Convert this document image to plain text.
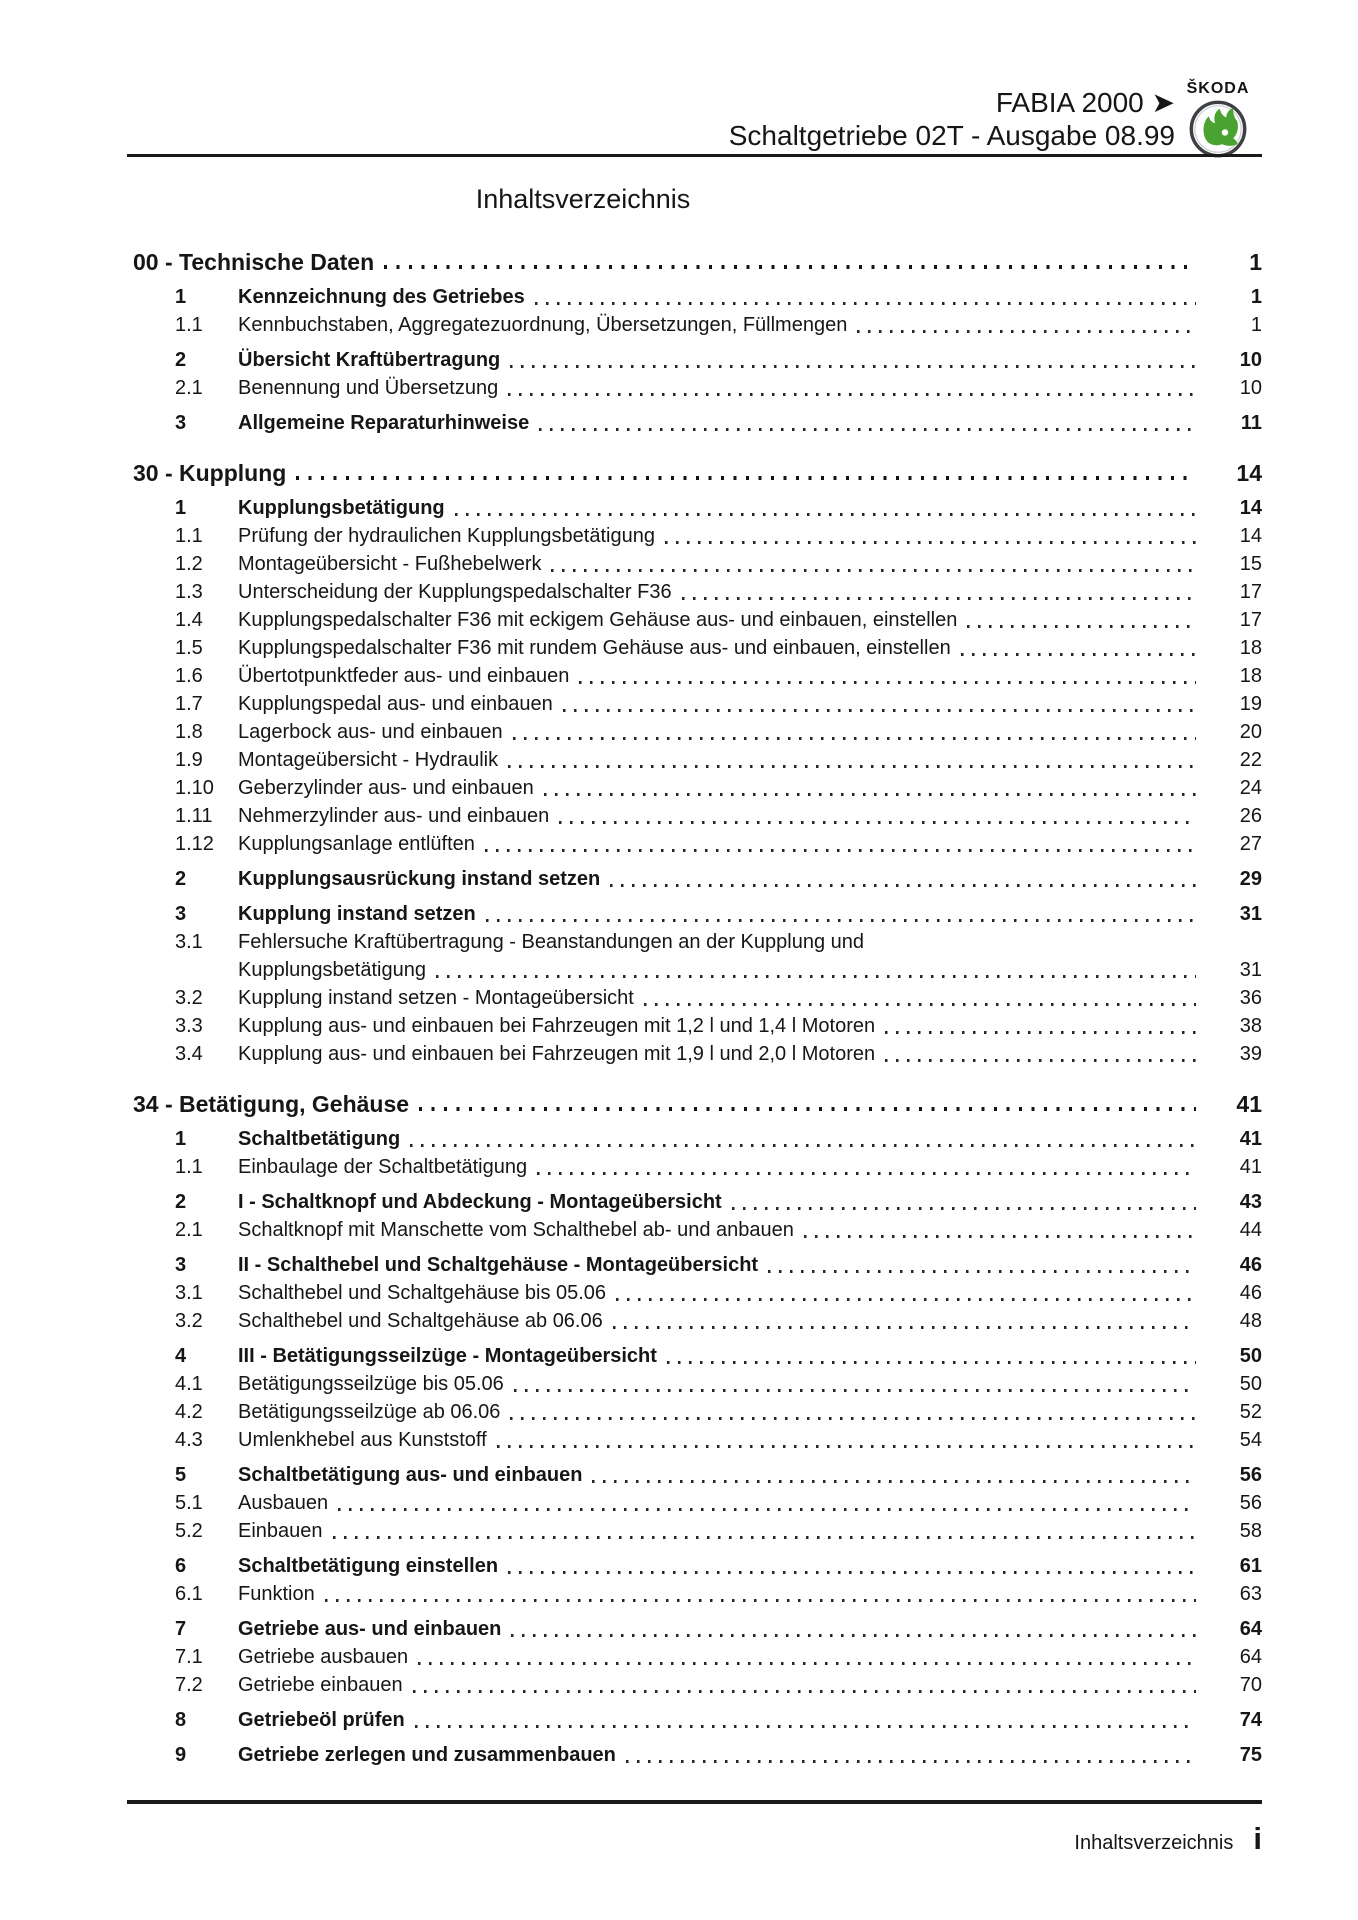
FABIA 2000 ➤
Schaltgetriebe 02T - Ausgabe 08.99
ŠKODA
Inhaltsverzeichnis
00 - Technische Daten	1
1	Kennzeichnung des Getriebes	1
1.1	Kennbuchstaben, Aggregatezuordnung, Übersetzungen, Füllmengen	1
2	Übersicht Kraftübertragung	10
2.1	Benennung und Übersetzung	10
3	Allgemeine Reparaturhinweise	11
30 - Kupplung	14
1	Kupplungsbetätigung	14
1.1	Prüfung der hydraulichen Kupplungsbetätigung	14
1.2	Montageübersicht - Fußhebelwerk	15
1.3	Unterscheidung der Kupplungspedalschalter F36	17
1.4	Kupplungspedalschalter F36 mit eckigem Gehäuse aus- und einbauen, einstellen	17
1.5	Kupplungspedalschalter F36 mit rundem Gehäuse aus- und einbauen, einstellen	18
1.6	Übertotpunktfeder aus- und einbauen	18
1.7	Kupplungspedal aus- und einbauen	19
1.8	Lagerbock aus- und einbauen	20
1.9	Montageübersicht - Hydraulik	22
1.10	Geberzylinder aus- und einbauen	24
1.11	Nehmerzylinder aus- und einbauen	26
1.12	Kupplungsanlage entlüften	27
2	Kupplungsausrückung instand setzen	29
3	Kupplung instand setzen	31
3.1	Fehlersuche Kraftübertragung - Beanstandungen an der Kupplung und
Kupplungsbetätigung	31
3.2	Kupplung instand setzen - Montageübersicht	36
3.3	Kupplung aus- und einbauen bei Fahrzeugen mit 1,2 l und 1,4 l Motoren	38
3.4	Kupplung aus- und einbauen bei Fahrzeugen mit 1,9 l und 2,0 l Motoren	39
34 - Betätigung, Gehäuse	41
1	Schaltbetätigung	41
1.1	Einbaulage der Schaltbetätigung	41
2	I - Schaltknopf und Abdeckung - Montageübersicht	43
2.1	Schaltknopf mit Manschette vom Schalthebel ab- und anbauen	44
3	II - Schalthebel und Schaltgehäuse - Montageübersicht	46
3.1	Schalthebel und Schaltgehäuse bis 05.06	46
3.2	Schalthebel und Schaltgehäuse ab 06.06	48
4	III - Betätigungsseilzüge - Montageübersicht	50
4.1	Betätigungsseilzüge bis 05.06	50
4.2	Betätigungsseilzüge ab 06.06	52
4.3	Umlenkhebel aus Kunststoff	54
5	Schaltbetätigung aus- und einbauen	56
5.1	Ausbauen	56
5.2	Einbauen	58
6	Schaltbetätigung einstellen	61
6.1	Funktion	63
7	Getriebe aus- und einbauen	64
7.1	Getriebe ausbauen	64
7.2	Getriebe einbauen	70
8	Getriebeöl prüfen	74
9	Getriebe zerlegen und zusammenbauen	75
Inhaltsverzeichnis i
